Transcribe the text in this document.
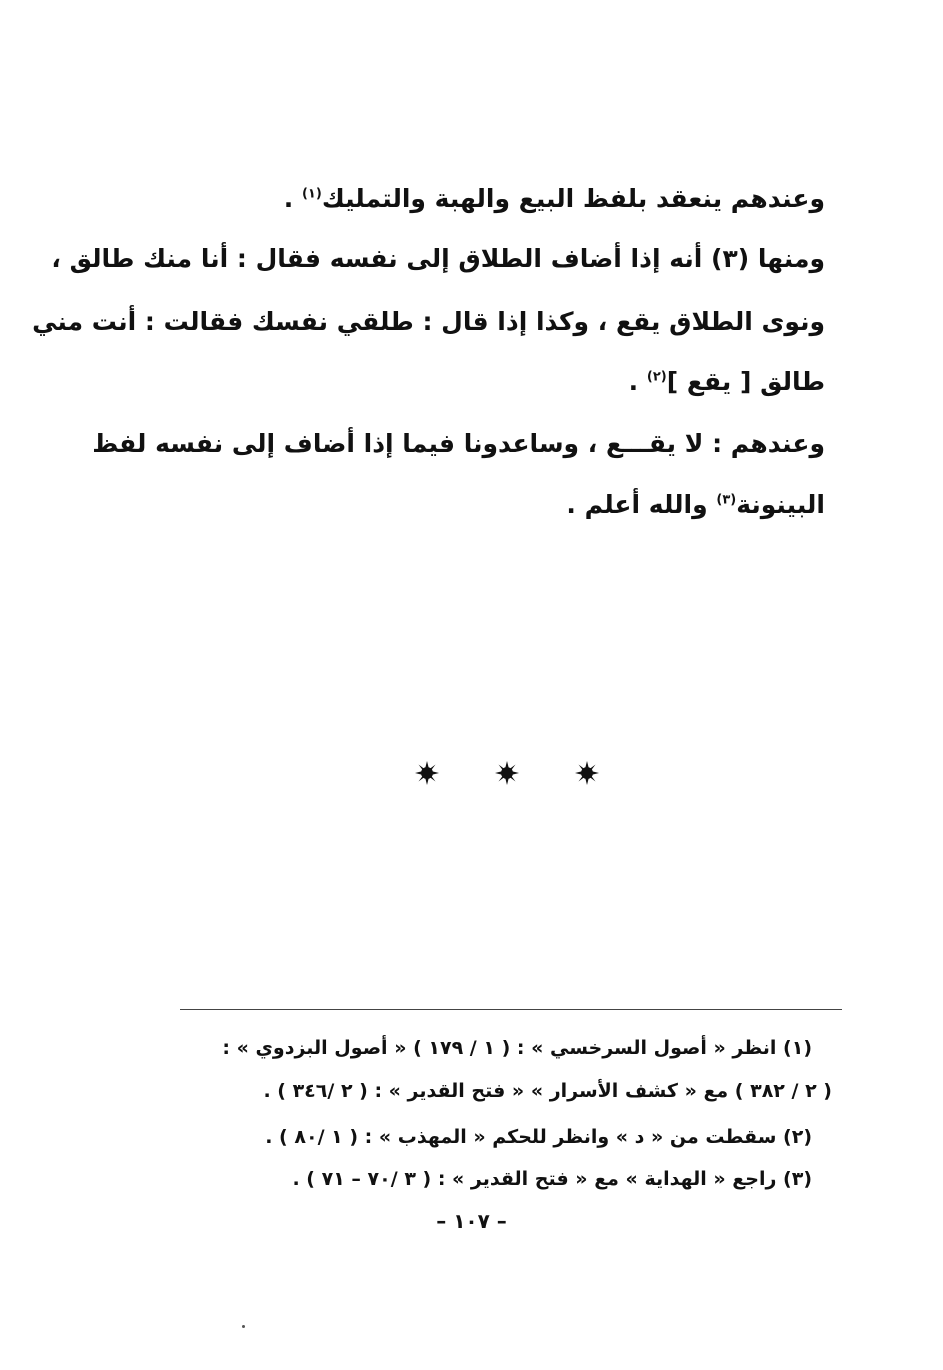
وعندهم ينعقد بلفظ البيع والهبة والتمليك$^{(١)}$ .
ومنها (٣) أنه إذا أضاف الطلاق إلى نفسه فقال : أنا منك طالق ،
ونوى الطلاق يقع ، وكذا إذا قال : طلقي نفسك فقالت : أنت مني
طالق [ يقع ]$^{(٢)}$ .
وعندهم : لا يقـــع ، وساعدونا فيما إذا أضاف إلى نفسه لفظ
البينونة$^{(٣)}$ والله أعلم .
(١) انظر « أصول السرخسي » : ( ١ / ١٧٩ ) « أصول البزدوي » :
( ٢ / ٣٨٢ ) مع « كشف الأسرار » « فتح القدير » : ( ٢ /٣٤٦ ) .
(٢) سقطت من « د » وانظر للحكم « المهذب » : ( ١ /٨٠ ) .
(٣) راجع « الهداية » مع « فتح القدير » : ( ٣ /٧٠ – ٧١ ) .
– ١٠٧ –
